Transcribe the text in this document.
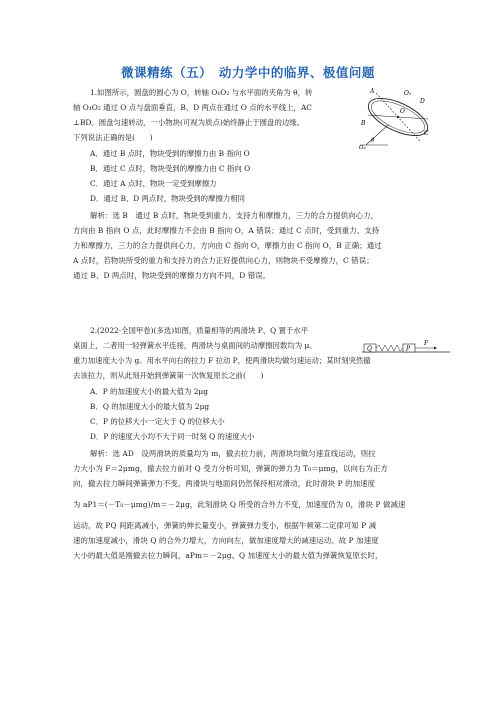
微课精练（五）　动力学中的临界、极值问题
1.如图所示，圆盘的圆心为 O，转轴 O₁O₂ 与水平面的夹角为 θ，转
轴 O₁O₂ 通过 O 点与盘面垂直，B、D 两点在通过 O 点的水平线上，AC
⊥BD。圆盘匀速转动，一小物块(可视为质点)始终静止于圆盘的边缘。
下列说法正确的是(　　)
A．通过 B 点时，物块受到的摩擦力由 B 指向 O
B．通过 C 点时，物块受到的摩擦力由 C 指向 O
C．通过 A 点时，物块一定受到摩擦力
D．通过 B、D 两点时，物块受到的摩擦力相同
解析：选 B　通过 B 点时，物块受到重力、支持力和摩擦力，三力的合力提供向心力，
方向由 B 指向 O 点，此时摩擦力不会由 B 指向 O，A 错误；通过 C 点时，受到重力、支持
力和摩擦力，三力的合力提供向心力，方向由 C 指向 O，摩擦力由 C 指向 O，B 正确；通过
A 点时，若物块所受的重力和支持力的合力正好提供向心力，则物块不受摩擦力，C 错误；
通过 B、D 两点时，物块受到的摩擦力方向不同，D 错误。
A	O₁
D
O
θ
B
C
O₂
2.(2022·全国甲卷)(多选)如图，质量相等的两滑块 P、Q 置于水平
桌面上，二者用一轻弹簧水平连接，两滑块与桌面间的动摩擦因数均为 μ。
重力加速度大小为 g。用水平向右的拉力 F 拉动 P，使两滑块均做匀速运动；某时刻突然撤
去该拉力，则从此刻开始到弹簧第一次恢复原长之前(　　)
A．P 的加速度大小的最大值为 2μg
B．Q 的加速度大小的最大值为 2μg
C．P 的位移大小一定大于 Q 的位移大小
D．P 的速度大小均不大于同一时刻 Q 的速度大小
解析：选 AD　设两滑块的质量均为 m，撤去拉力前，两滑块均做匀速直线运动，则拉
力大小为 F＝2μmg，撤去拉力前对 Q 受力分析可知，弹簧的弹力为 T₀＝μmg，以向右为正方
向，撤去拉力瞬间弹簧弹力不变，两滑块与地面间仍然保持相对滑动，此时滑块 P 的加速度
为 aP1＝(－T₀－μmg)/m＝－2μg，此刻滑块 Q 所受的合外力不变，加速度仍为 0，滑块 P 做减速
运动，故 PQ 间距离减小，弹簧的伸长量变小，弹簧弹力变小，根据牛顿第二定律可知 P 减
速的加速度减小，滑块 Q 的合外力增大，方向向左，做加速度增大的减速运动。故 P 加速度
大小的最大值是刚撤去拉力瞬间，aPm＝－2μg。Q 加速度大小的最大值为弹簧恢复原长时，
Q	P
F
